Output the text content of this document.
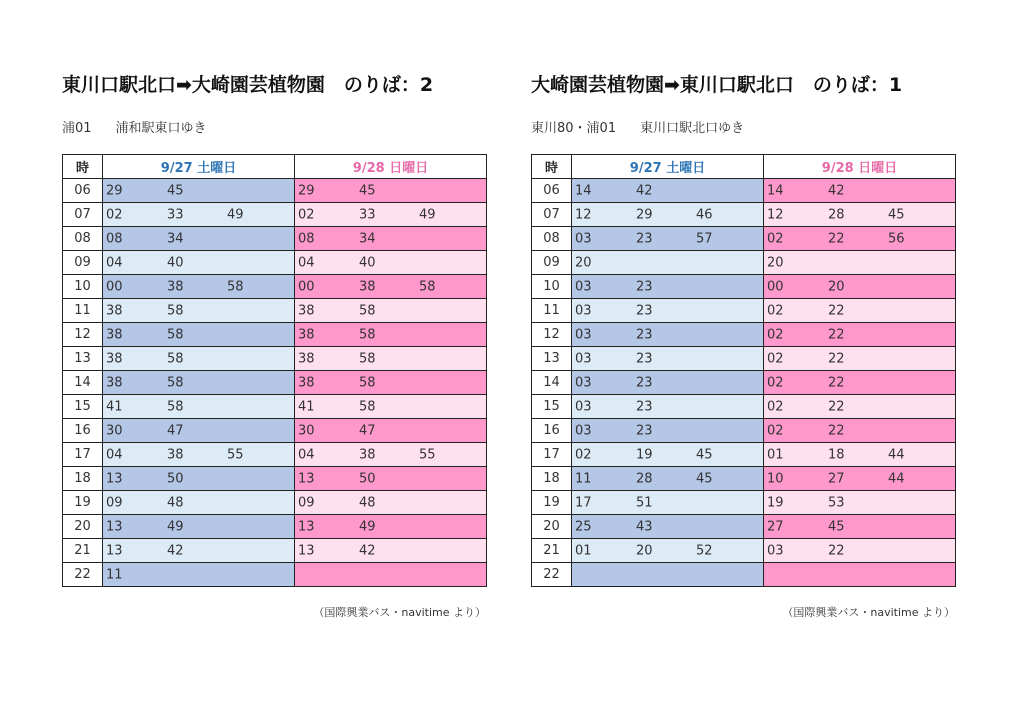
東川口駅北口➡大崎園芸植物園　のりば：2
浦01 浦和駅東口ゆき
時	9/27 土曜日	9/28 日曜日
06	29 45	29 45

07	02 33 49	02 33 49

08	08 34	08 34

09	04 40	04 40

10	00 38 58	00 38 58

11	38 58	38 58

12	38 58	38 58

13	38 58	38 58

14	38 58	38 58

15	41 58	41 58

16	30 47	30 47

17	04 38 55	04 38 55

18	13 50	13 50

19	09 48	09 48

20	13 49	13 49

21	13 42	13 42

22	11	

（国際興業バス・navitime より）
大崎園芸植物園➡東川口駅北口　のりば：1
東川80・浦01 東川口駅北口ゆき
時	9/27 土曜日	9/28 日曜日
06	14 42	14 42

07	12 29 46	12 28 45

08	03 23 57	02 22 56

09	20	20

10	03 23	00 20

11	03 23	02 22

12	03 23	02 22

13	03 23	02 22

14	03 23	02 22

15	03 23	02 22

16	03 23	02 22

17	02 19 45	01 18 44

18	11 28 45	10 27 44

19	17 51	19 53

20	25 43	27 45

21	01 20 52	03 22

22		
（国際興業バス・navitime より）
